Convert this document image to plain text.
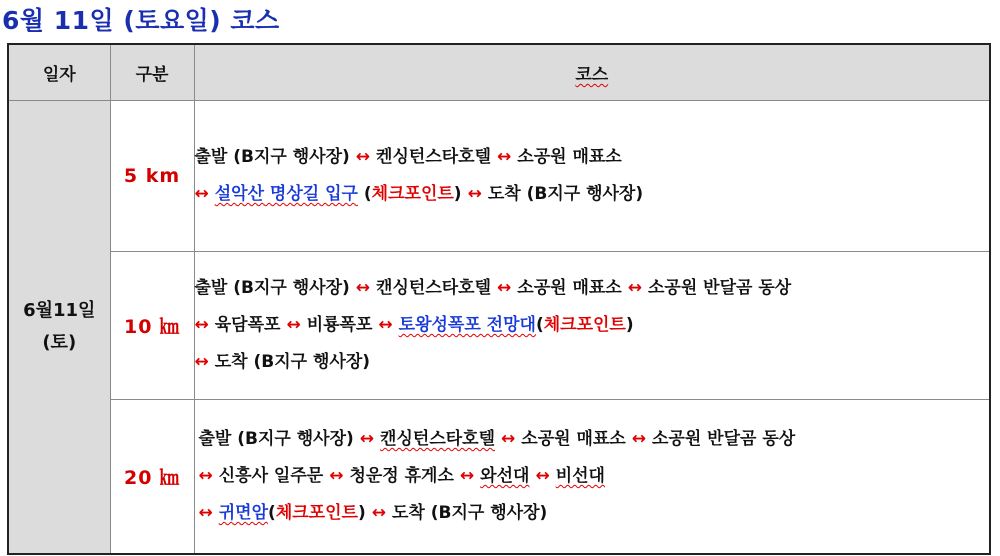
6월 11일 (토요일) 코스
일자	구분	코스

6월11일
(토)	5 km	출발 (B지구 행사장) ↔ 켄싱턴스타호텔 ↔ 소공원 매표소
↔ 설악산 명상길 입구 (체크포인트) ↔ 도착 (B지구 행사장)

	10 ㎞	출발 (B지구 행사장) ↔ 캔싱턴스타호텔 ↔ 소공원 매표소 ↔ 소공원 반달곰 동상
↔ 육담폭포 ↔ 비룡폭포 ↔ 토왕성폭포 전망대(체크포인트)
↔ 도착 (B지구 행사장)

	20 ㎞	출발 (B지구 행사장) ↔ 캔싱턴스타호텔 ↔ 소공원 매표소 ↔ 소공원 반달곰 동상
↔ 신흥사 일주문 ↔ 청운정 휴게소 ↔ 와선대 ↔ 비선대
↔ 귀면암(체크포인트) ↔ 도착 (B지구 행사장)
